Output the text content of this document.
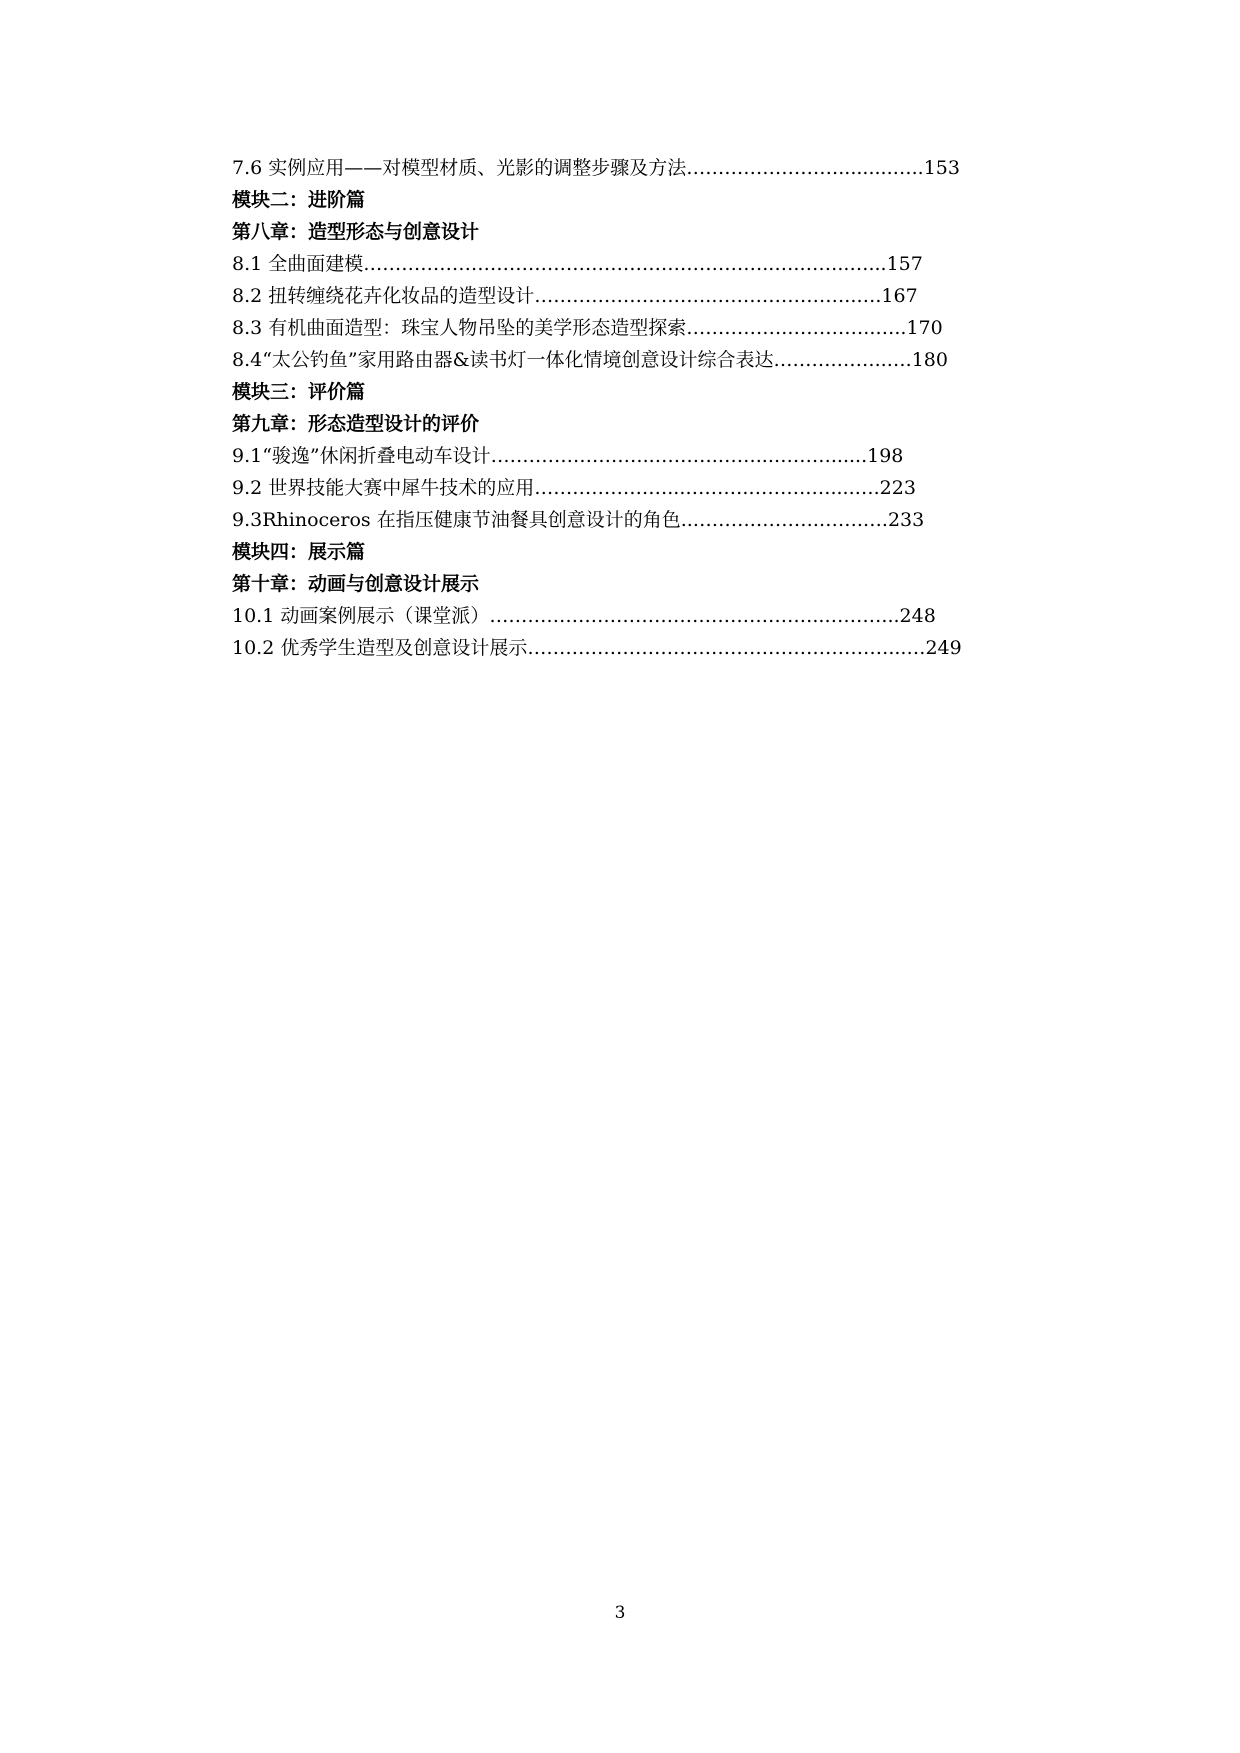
7.6 实例应用——对模型材质、光影的调整步骤及方法…………………….........…..153
模块二：进阶篇
第八章：造型形态与创意设计
8.1 全曲面建模………………………………………………………..….……..…...157
8.2 扭转缠绕花卉化妆品的造型设计……………………….…………………..….167
8.3 有机曲面造型：珠宝人物吊坠的美学形态造型探索…………….…………..…..170
8.4“太公钓鱼”家用路由器&读书灯一体化情境创意设计综合表达……….……..….180
模块三：评价篇
第九章：形态造型设计的评价
9.1“骏逸”休闲折叠电动车设计……………………..……….……...………......198
9.2 世界技能大赛中犀牛技术的应用…………………...……….……….…....….223
9.3Rhinoceros 在指压健康节油餐具创意设计的角色..……….……….…….….233
模块四：展示篇
第十章：动画与创意设计展示
10.1 动画案例展示（课堂派）……………………………………………..………...248
10.2 优秀学生造型及创意设计展示…………………………………………………...…249
3
